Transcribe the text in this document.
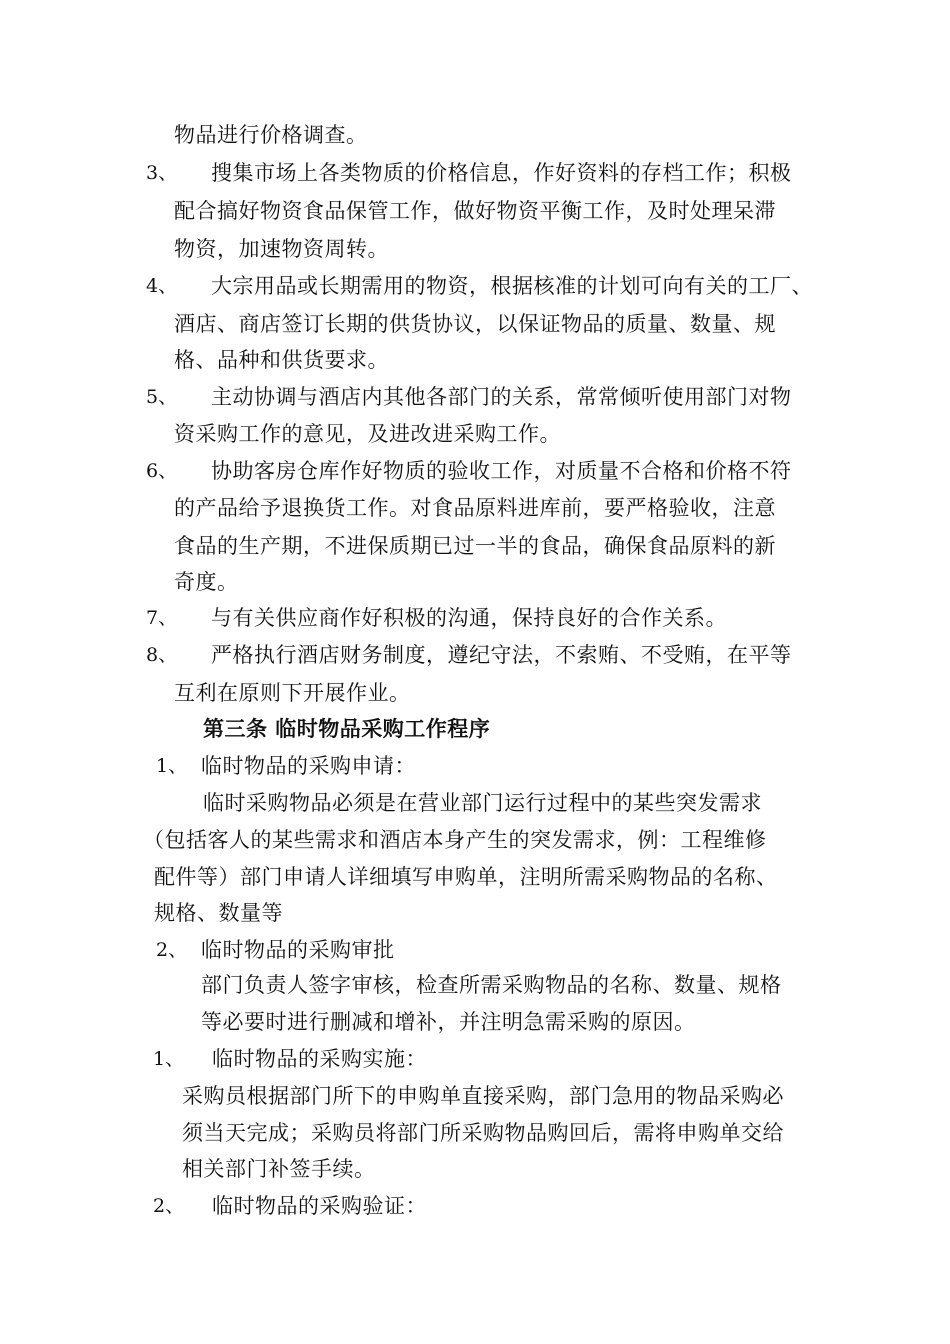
物品进行价格调查。
3、 搜集市场上各类物质的价格信息，作好资料的存档工作；积极
配合搞好物资食品保管工作，做好物资平衡工作，及时处理呆滞
物资，加速物资周转。
4、 大宗用品或长期需用的物资，根据核准的计划可向有关的工厂、
酒店、商店签订长期的供货协议，以保证物品的质量、数量、规
格、品种和供货要求。
5、 主动协调与酒店内其他各部门的关系，常常倾听使用部门对物
资采购工作的意见，及进改进采购工作。
6、 协助客房仓库作好物质的验收工作，对质量不合格和价格不符
的产品给予退换货工作。对食品原料进库前，要严格验收，注意
食品的生产期，不进保质期已过一半的食品，确保食品原料的新
奇度。
7、 与有关供应商作好积极的沟通，保持良好的合作关系。
8、 严格执行酒店财务制度，遵纪守法，不索贿、不受贿，在平等
互利在原则下开展作业。
第三条 临时物品采购工作程序
1、 临时物品的采购申请：
临时采购物品必须是在营业部门运行过程中的某些突发需求
（包括客人的某些需求和酒店本身产生的突发需求，例：工程维修
配件等）部门申请人详细填写申购单，注明所需采购物品的名称、
规格、数量等
2、 临时物品的采购审批
部门负责人签字审核，检查所需采购物品的名称、数量、规格
等必要时进行删减和增补，并注明急需采购的原因。
1、 临时物品的采购实施：
采购员根据部门所下的申购单直接采购，部门急用的物品采购必
须当天完成；采购员将部门所采购物品购回后，需将申购单交给
相关部门补签手续。
2、 临时物品的采购验证：
